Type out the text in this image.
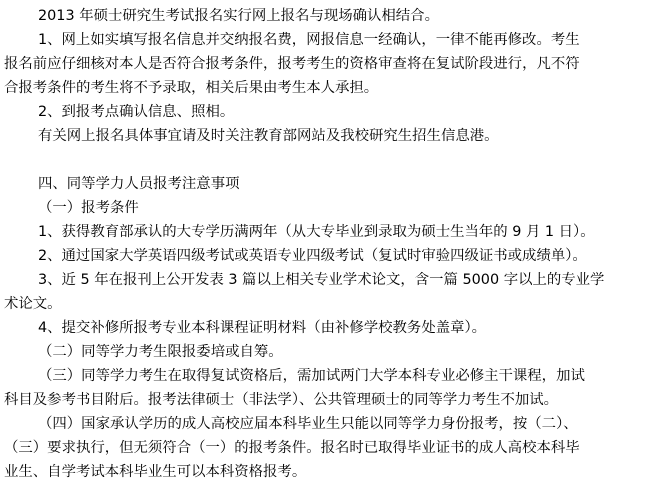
2013 年硕士研究生考试报名实行网上报名与现场确认相结合。
1、网上如实填写报名信息并交纳报名费，网报信息一经确认，一律不能再修改。考生
报名前应仔细核对本人是否符合报考条件，报考考生的资格审查将在复试阶段进行，凡不符
合报考条件的考生将不予录取，相关后果由考生本人承担。
2、到报考点确认信息、照相。
有关网上报名具体事宜请及时关注教育部网站及我校研究生招生信息港。
四、同等学力人员报考注意事项
（一）报考条件
1、获得教育部承认的大专学历满两年（从大专毕业到录取为硕士生当年的 9 月 1 日）。
2、通过国家大学英语四级考试或英语专业四级考试（复试时审验四级证书或成绩单）。
3、近 5 年在报刊上公开发表 3 篇以上相关专业学术论文，含一篇 5000 字以上的专业学
术论文。
4、提交补修所报考专业本科课程证明材料（由补修学校教务处盖章）。
（二）同等学力考生限报委培或自筹。
（三）同等学力考生在取得复试资格后，需加试两门大学本科专业必修主干课程，加试
科目及参考书目附后。报考法律硕士（非法学）、公共管理硕士的同等学力考生不加试。
（四）国家承认学历的成人高校应届本科毕业生只能以同等学力身份报考，按（二）、
（三）要求执行，但无须符合（一）的报考条件。报名时已取得毕业证书的成人高校本科毕
业生、自学考试本科毕业生可以本科资格报考。
